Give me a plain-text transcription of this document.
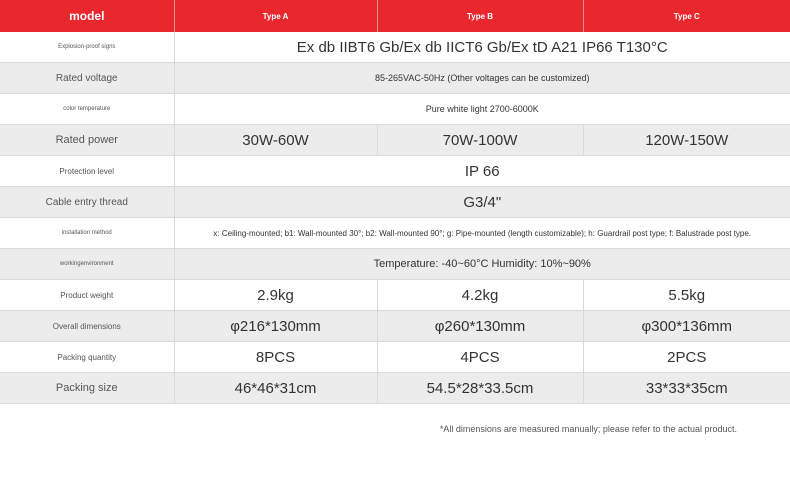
model	Type A	Type B	Type C
Explosion-proof signs	Ex db IIBT6 Gb/Ex db IICT6 Gb/Ex tD A21 IP66 T130°C		
Rated voltage	85-265VAC-50Hz (Other voltages can be customized)		
color temperature	Pure white light 2700-6000K		
Rated power	30W-60W	70W-100W	120W-150W
Protection level	IP 66		
Cable entry thread	G3/4"		
installation method	x: Ceiling-mounted; b1: Wall-mounted 30°; b2: Wall-mounted 90°; g: Pipe-mounted (length customizable); h: Guardrail post type; f: Balustrade post type.		
workingenvironment	Temperature: -40~60°C Humidity: 10%~90%		
Product weight	2.9kg	4.2kg	5.5kg
Overall dimensions	φ216*130mm	φ260*130mm	φ300*136mm
Packing quantity	8PCS	4PCS	2PCS
Packing size	46*46*31cm	54.5*28*33.5cm	33*33*35cm
*All dimensions are measured manually; please refer to the actual product.
